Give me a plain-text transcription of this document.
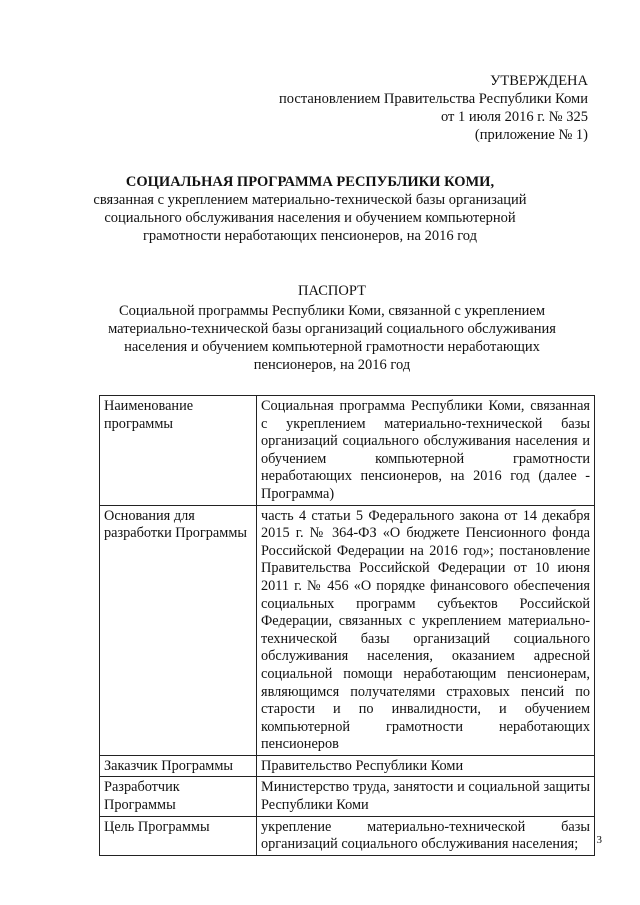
УТВЕРЖДЕНА
постановлением Правительства Республики Коми
от 1 июля 2016 г. № 325
(приложение № 1)
СОЦИАЛЬНАЯ ПРОГРАММА РЕСПУБЛИКИ КОМИ,
связанная с укреплением материально-технической базы организаций социального обслуживания населения и обучением компьютерной грамотности неработающих пенсионеров, на 2016 год
ПАСПОРТ
Социальной программы Республики Коми, связанной с укреплением материально-технической базы организаций социального обслуживания населения и обучением компьютерной грамотности неработающих пенсионеров, на 2016 год
Наименование программы	Социальная программа Республики Коми, связанная с укреплением материально-технической базы организаций социального обслуживания населения и обучением компьютерной грамотности неработающих пенсионеров, на 2016 год (далее - Программа)
Основания для разработки Программы	часть 4 статьи 5 Федерального закона от 14 декабря 2015 г. № 364-ФЗ «О бюджете Пенсионного фонда Российской Федерации на 2016 год»; постановление Правительства Российской Федерации от 10 июня 2011 г. № 456 «О порядке финансового обеспечения социальных программ субъектов Российской Федерации, связанных с укреплением материально-технической базы организаций социального обслуживания населения, оказанием адресной социальной помощи неработающим пенсионерам, являющимся получателями страховых пенсий по старости и по инвалидности, и обучением компьютерной грамотности неработающих пенсионеров
Заказчик Программы	Правительство Республики Коми
Разработчик Программы	Министерство труда, занятости и социальной защиты Республики Коми
Цель Программы	укрепление материально-технической базы организаций социального обслуживания населения; 3
